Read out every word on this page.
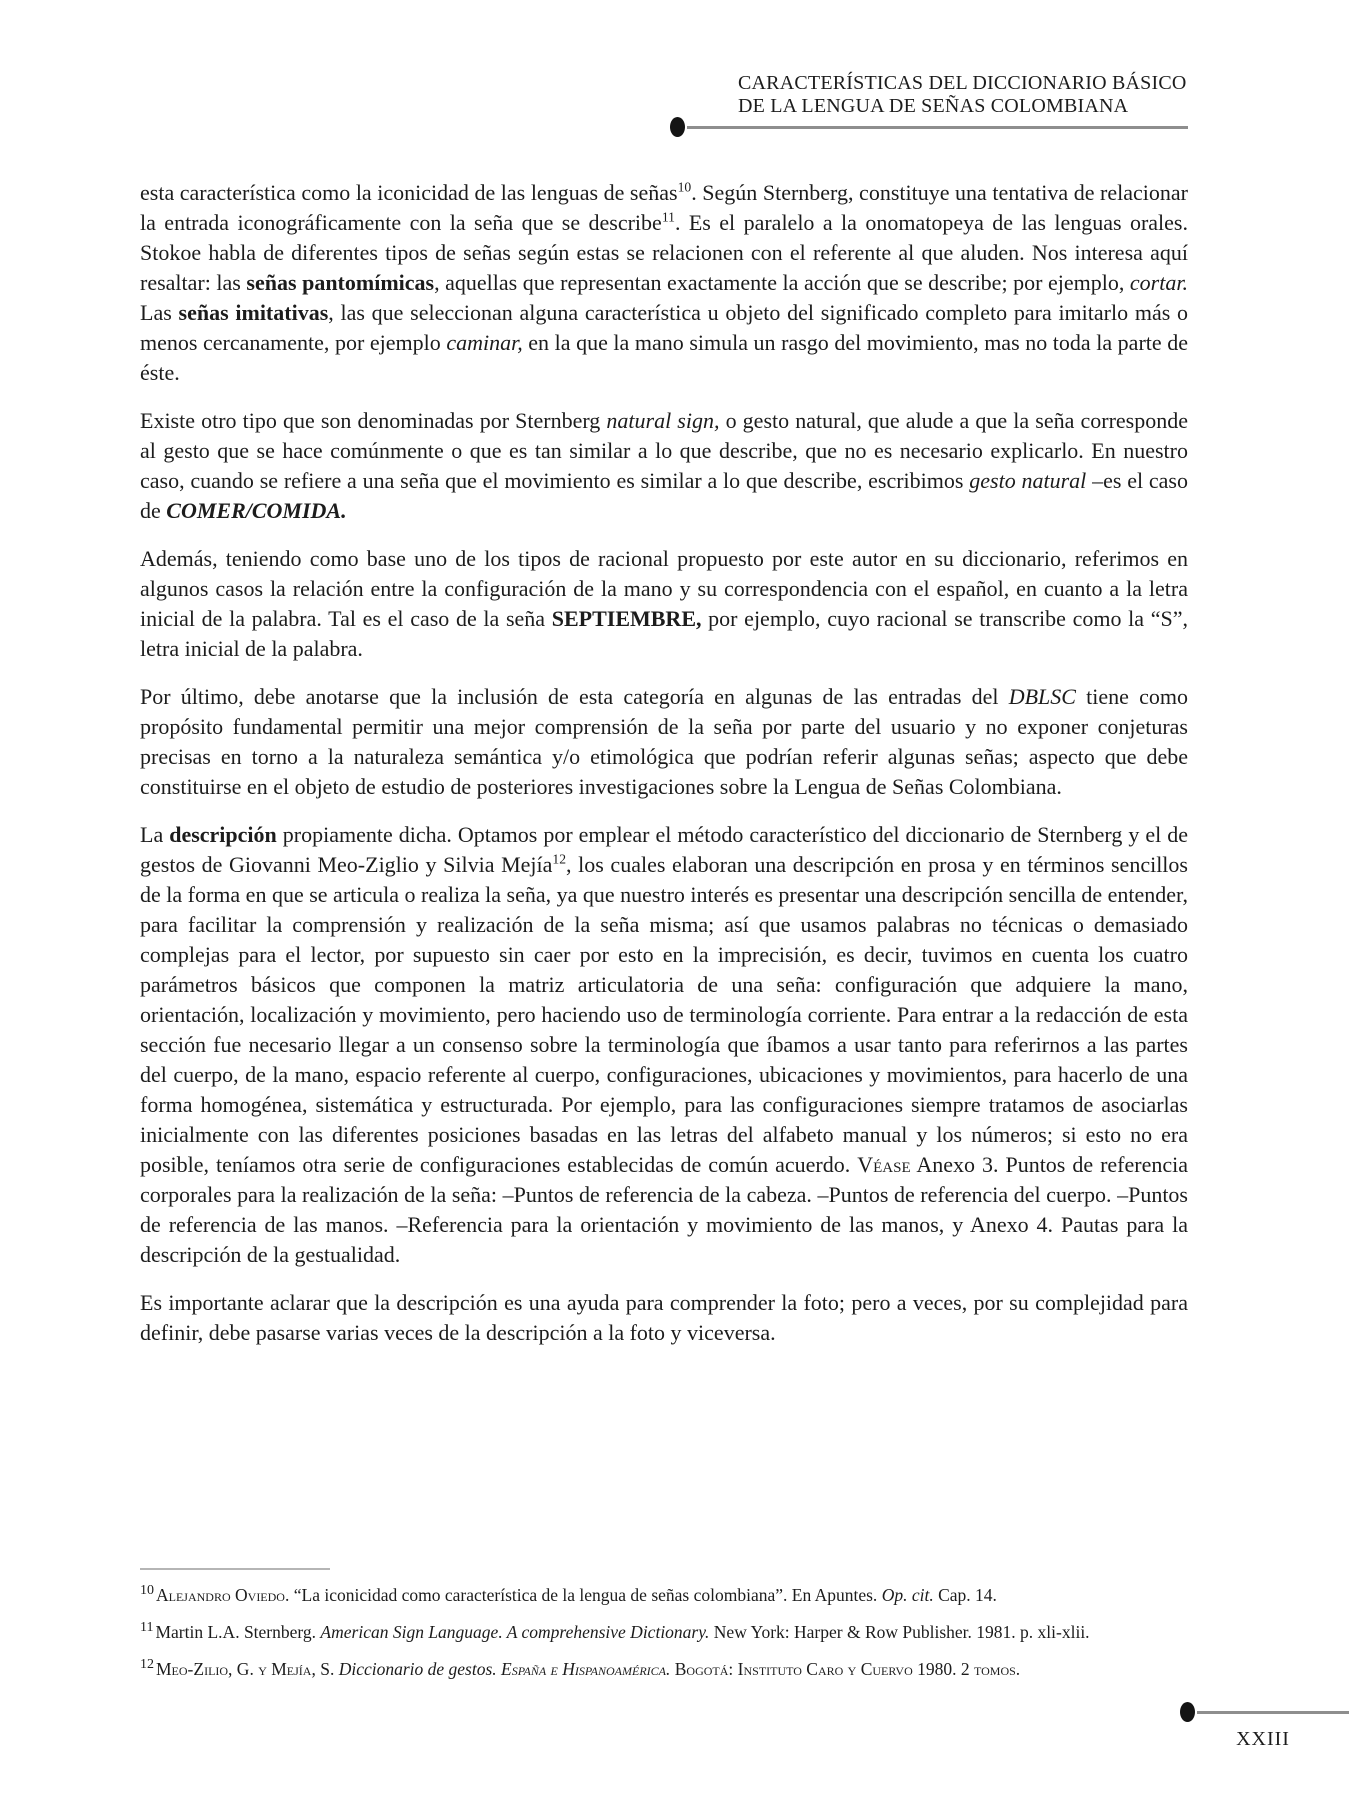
CARACTERÍSTICAS DEL DICCIONARIO BÁSICO
DE LA LENGUA DE SEÑAS COLOMBIANA

esta característica como la iconicidad de las lenguas de señas$^{10}$. Según Sternberg, constituye una tentativa de relacionar la entrada iconográficamente con la seña que se describe$^{11}$. Es el paralelo a la onomatopeya de las lenguas orales. Stokoe habla de diferentes tipos de señas según estas se relacionen con el referente al que aluden. Nos interesa aquí resaltar: las señas pantomímicas, aquellas que representan exactamente la acción que se describe; por ejemplo, cortar. Las señas imitativas, las que seleccionan alguna característica u objeto del significado completo para imitarlo más o menos cercanamente, por ejemplo caminar, en la que la mano simula un rasgo del movimiento, mas no toda la parte de éste.

Existe otro tipo que son denominadas por Sternberg natural sign, o gesto natural, que alude a que la seña corresponde al gesto que se hace comúnmente o que es tan similar a lo que describe, que no es necesario explicarlo. En nuestro caso, cuando se refiere a una seña que el movimiento es similar a lo que describe, escribimos gesto natural –es el caso de COMER/COMIDA.

Además, teniendo como base uno de los tipos de racional propuesto por este autor en su diccionario, referimos en algunos casos la relación entre la configuración de la mano y su correspondencia con el español, en cuanto a la letra inicial de la palabra. Tal es el caso de la seña SEPTIEMBRE, por ejemplo, cuyo racional se transcribe como la “S”, letra inicial de la palabra.

Por último, debe anotarse que la inclusión de esta categoría en algunas de las entradas del DBLSC tiene como propósito fundamental permitir una mejor comprensión de la seña por parte del usuario y no exponer conjeturas precisas en torno a la naturaleza semántica y/o etimológica que podrían referir algunas señas; aspecto que debe constituirse en el objeto de estudio de posteriores investigaciones sobre la Lengua de Señas Colombiana.

La descripción propiamente dicha. Optamos por emplear el método característico del diccionario de Sternberg y el de gestos de Giovanni Meo-Ziglio y Silvia Mejía$^{12}$, los cuales elaboran una descripción en prosa y en términos sencillos de la forma en que se articula o realiza la seña, ya que nuestro interés es presentar una descripción sencilla de entender, para facilitar la comprensión y realización de la seña misma; así que usamos palabras no técnicas o demasiado complejas para el lector, por supuesto sin caer por esto en la imprecisión, es decir, tuvimos en cuenta los cuatro parámetros básicos que componen la matriz articulatoria de una seña: configuración que adquiere la mano, orientación, localización y movimiento, pero haciendo uso de terminología corriente. Para entrar a la redacción de esta sección fue necesario llegar a un consenso sobre la terminología que íbamos a usar tanto para referirnos a las partes del cuerpo, de la mano, espacio referente al cuerpo, configuraciones, ubicaciones y movimientos, para hacerlo de una forma homogénea, sistemática y estructurada. Por ejemplo, para las configuraciones siempre tratamos de asociarlas inicialmente con las diferentes posiciones basadas en las letras del alfabeto manual y los números; si esto no era posible, teníamos otra serie de configuraciones establecidas de común acuerdo. Véase Anexo 3. Puntos de referencia corporales para la realización de la seña: –Puntos de referencia de la cabeza. –Puntos de referencia del cuerpo. –Puntos de referencia de las manos. –Referencia para la orientación y movimiento de las manos, y Anexo 4. Pautas para la descripción de la gestualidad.

Es importante aclarar que la descripción es una ayuda para comprender la foto; pero a veces, por su complejidad para definir, debe pasarse varias veces de la descripción a la foto y viceversa.

$^{10}$ Alejandro Oviedo. “La iconicidad como característica de la lengua de señas colombiana”. En Apuntes. Op. cit. Cap. 14.

$^{11}$ Martin L.A. Sternberg. American Sign Language. A comprehensive Dictionary. New York: Harper & Row Publisher. 1981. p. xli-xlii.

$^{12}$ Meo-Zilio, G. y Mejía, S. Diccionario de gestos. España e Hispanoamérica. Bogotá: Instituto Caro y Cuervo 1980. 2 tomos.

XXIII
